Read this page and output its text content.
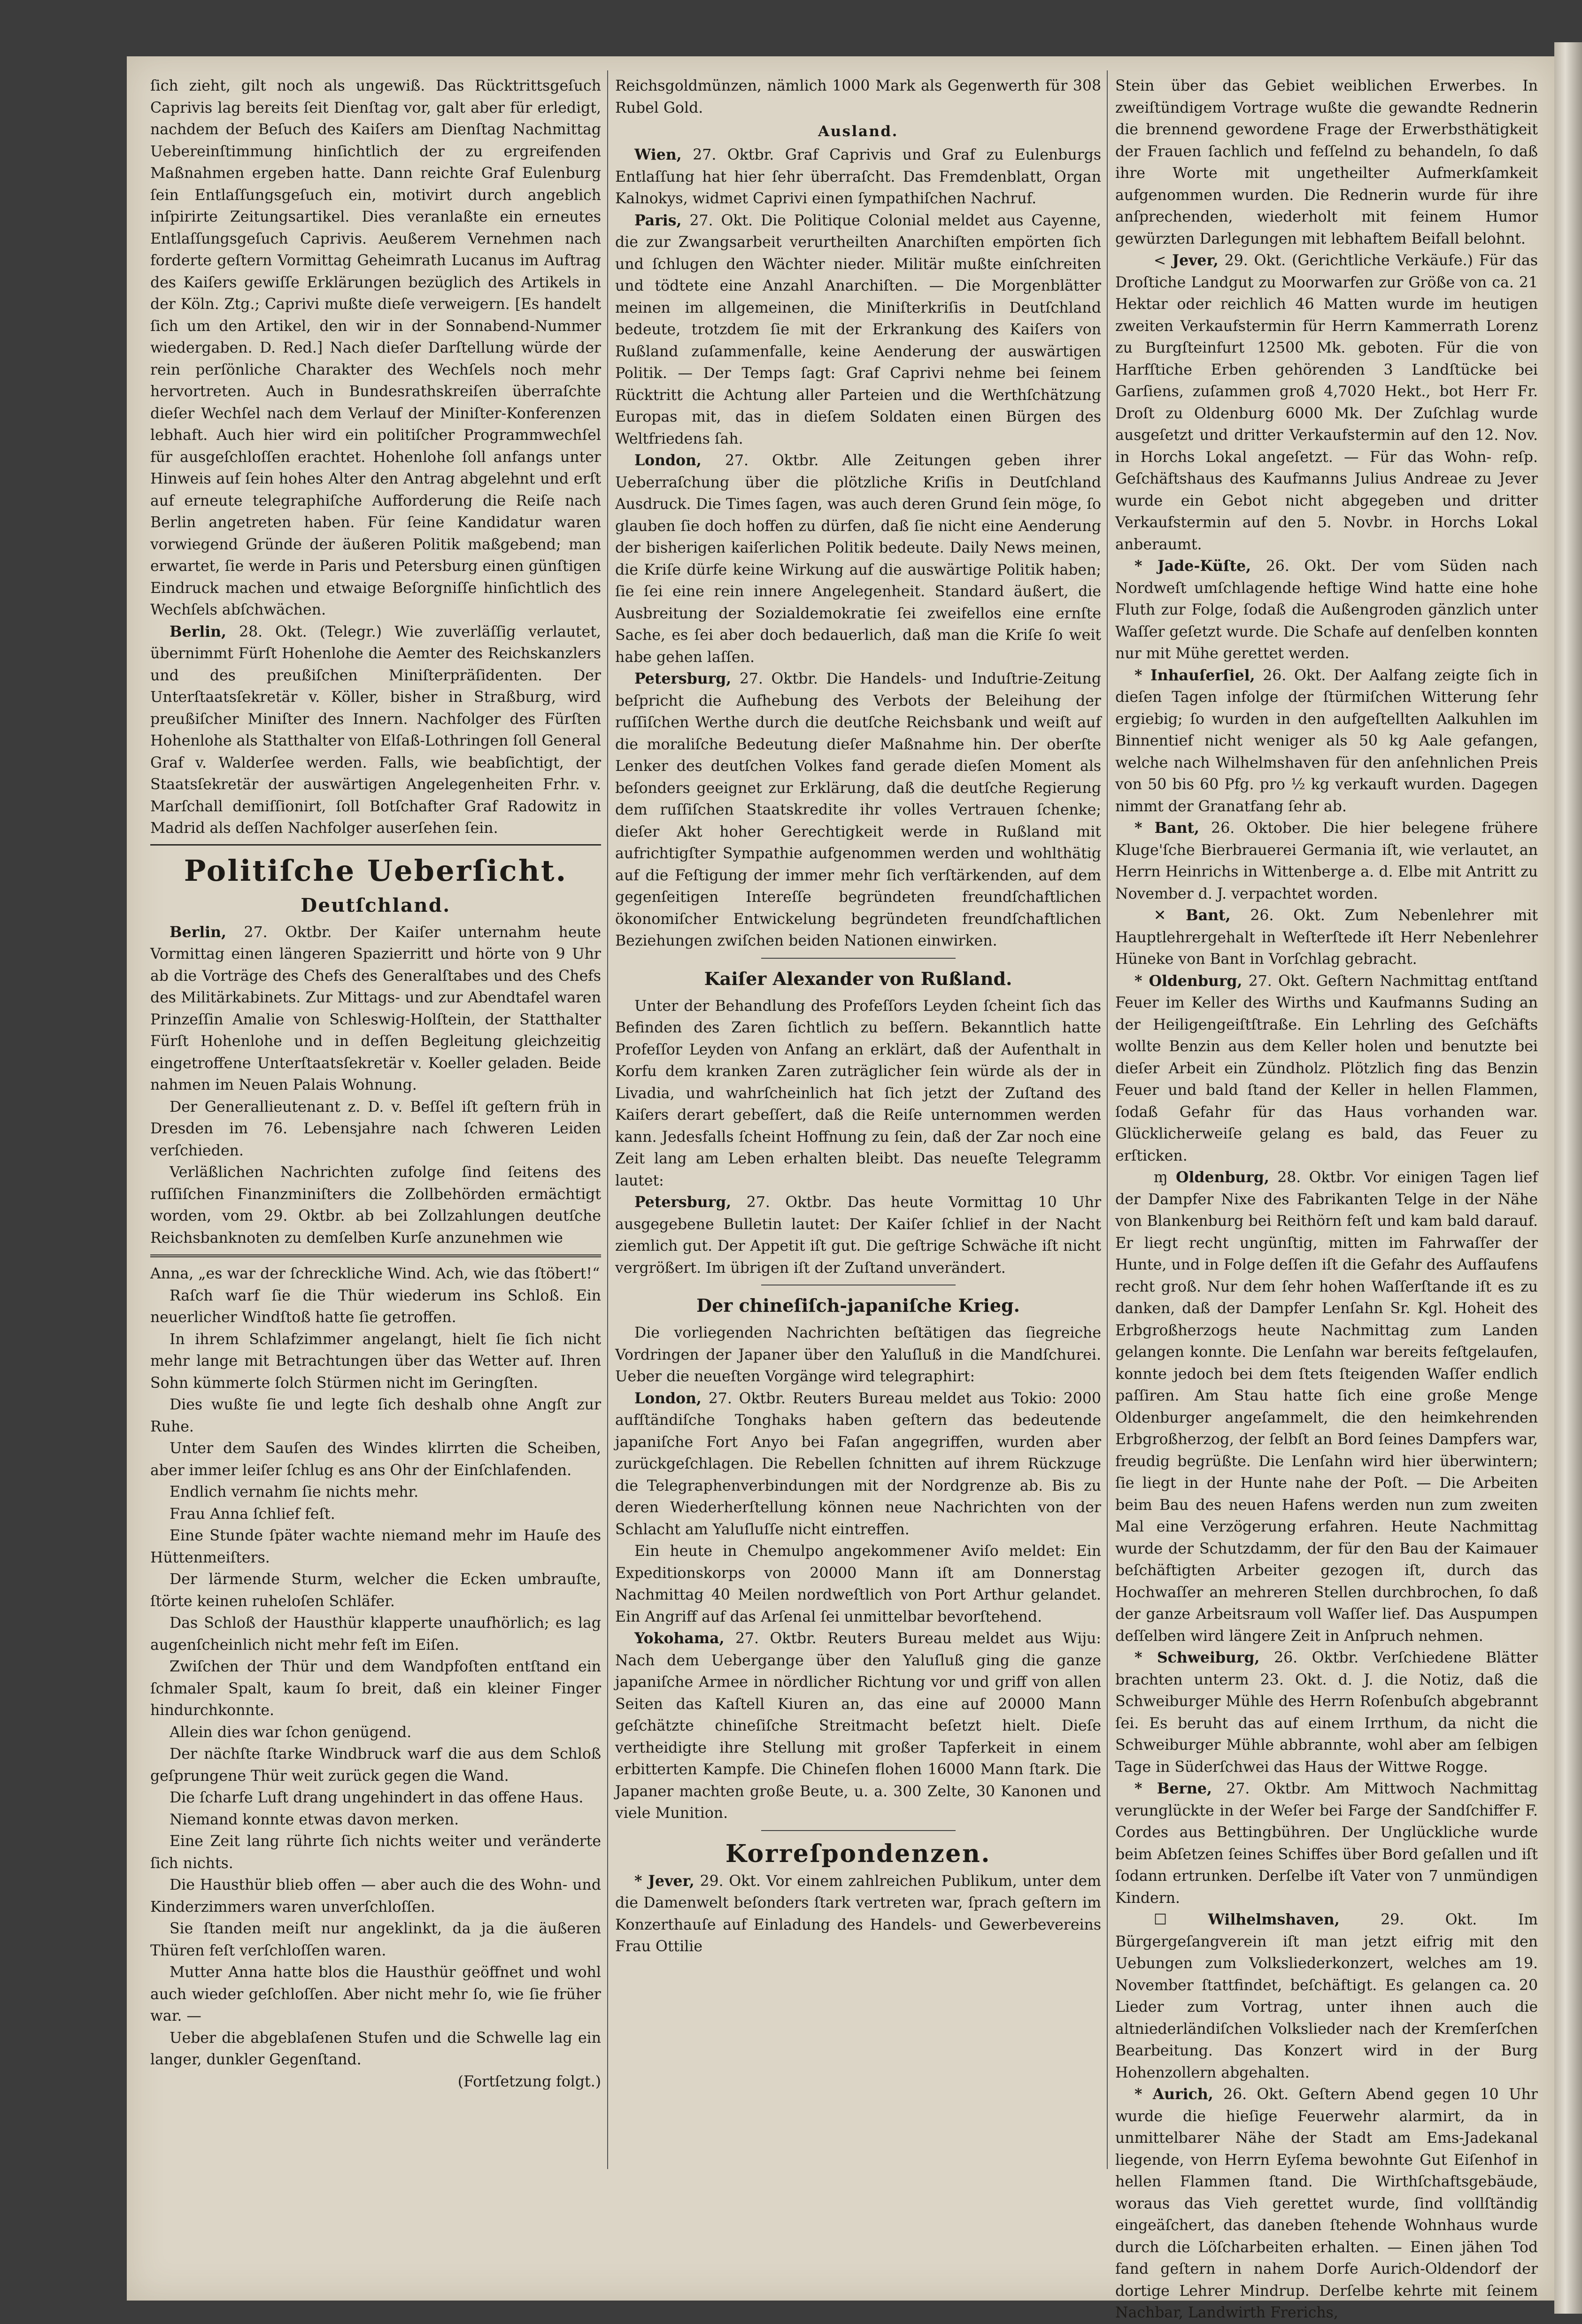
ſich zieht, gilt noch als ungewiß. Das Rücktrittsgeſuch Caprivis lag bereits ſeit Dienſtag vor, galt aber für erledigt, nachdem der Beſuch des Kaiſers am Dienſtag Nachmittag Uebereinſtimmung hinſichtlich der zu ergreifenden Maßnahmen ergeben hatte. Dann reichte Graf Eulenburg ſein Entlaſſungsgeſuch ein, motivirt durch angeblich inſpirirte Zeitungsartikel. Dies veranlaßte ein erneutes Entlaſſungsgeſuch Caprivis. Aeußerem Vernehmen nach forderte geſtern Vormittag Geheimrath Lucanus im Auftrag des Kaiſers gewiſſe Erklärungen bezüglich des Artikels in der Köln. Ztg.; Caprivi mußte dieſe verweigern. [Es handelt ſich um den Artikel, den wir in der Sonnabend-Nummer wiedergaben. D. Red.] Nach dieſer Darſtellung würde der rein perſönliche Charakter des Wechſels noch mehr hervortreten. Auch in Bundesrathskreiſen überraſchte dieſer Wechſel nach dem Verlauf der Miniſter-Konferenzen lebhaft. Auch hier wird ein politiſcher Programmwechſel für ausgeſchloſſen erachtet. Hohenlohe ſoll anfangs unter Hinweis auf ſein hohes Alter den Antrag abgelehnt und erſt auf erneute telegraphiſche Aufforderung die Reiſe nach Berlin angetreten haben. Für ſeine Kandidatur waren vorwiegend Gründe der äußeren Politik maßgebend; man erwartet, ſie werde in Paris und Petersburg einen günſtigen Eindruck machen und etwaige Beſorgniſſe hinſichtlich des Wechſels abſchwächen.

Berlin, 28. Okt. (Telegr.) Wie zuverläſſig verlautet, übernimmt Fürſt Hohenlohe die Aemter des Reichskanzlers und des preußiſchen Miniſterpräſidenten. Der Unterſtaatsſekretär v. Köller, bisher in Straßburg, wird preußiſcher Miniſter des Innern. Nachfolger des Fürſten Hohenlohe als Statthalter von Elſaß-Lothringen ſoll General Graf v. Walderſee werden. Falls, wie beabſichtigt, der Staatsſekretär der auswärtigen Angelegenheiten Frhr. v. Marſchall demiſſionirt, ſoll Botſchafter Graf Radowitz in Madrid als deſſen Nachfolger auserſehen ſein.

Politiſche Ueberſicht.
Deutſchland.

Berlin, 27. Oktbr. Der Kaiſer unternahm heute Vormittag einen längeren Spazierritt und hörte von 9 Uhr ab die Vorträge des Chefs des Generalſtabes und des Chefs des Militärkabinets. Zur Mittags- und zur Abendtafel waren Prinzeſſin Amalie von Schleswig-Holſtein, der Statthalter Fürſt Hohenlohe und in deſſen Begleitung gleichzeitig eingetroffene Unterſtaatsſekretär v. Koeller geladen. Beide nahmen im Neuen Palais Wohnung.

Der Generallieutenant z. D. v. Beſſel iſt geſtern früh in Dresden im 76. Lebensjahre nach ſchweren Leiden verſchieden.

Verläßlichen Nachrichten zufolge ſind ſeitens des ruſſiſchen Finanzminiſters die Zollbehörden ermächtigt worden, vom 29. Oktbr. ab bei Zollzahlungen deutſche Reichsbanknoten zu demſelben Kurſe anzunehmen wie

Anna, „es war der ſchreckliche Wind. Ach, wie das ſtöbert!“

Raſch warf ſie die Thür wiederum ins Schloß. Ein neuerlicher Windſtoß hatte ſie getroffen.

In ihrem Schlafzimmer angelangt, hielt ſie ſich nicht mehr lange mit Betrachtungen über das Wetter auf. Ihren Sohn kümmerte ſolch Stürmen nicht im Geringſten.

Dies wußte ſie und legte ſich deshalb ohne Angſt zur Ruhe.

Unter dem Sauſen des Windes klirrten die Scheiben, aber immer leiſer ſchlug es ans Ohr der Einſchlafenden.

Endlich vernahm ſie nichts mehr.

Frau Anna ſchlief feſt.

Eine Stunde ſpäter wachte niemand mehr im Hauſe des Hüttenmeiſters.

Der lärmende Sturm, welcher die Ecken umbrauſte, ſtörte keinen ruheloſen Schläfer.

Das Schloß der Hausthür klapperte unaufhörlich; es lag augenſcheinlich nicht mehr feſt im Eiſen.

Zwiſchen der Thür und dem Wandpfoſten entſtand ein ſchmaler Spalt, kaum ſo breit, daß ein kleiner Finger hindurchkonnte.

Allein dies war ſchon genügend.

Der nächſte ſtarke Windbruck warf die aus dem Schloß geſprungene Thür weit zurück gegen die Wand.

Die ſcharfe Luft drang ungehindert in das offene Haus.

Niemand konnte etwas davon merken.

Eine Zeit lang rührte ſich nichts weiter und veränderte ſich nichts.

Die Hausthür blieb offen — aber auch die des Wohn- und Kinderzimmers waren unverſchloſſen.

Sie ſtanden meiſt nur angeklinkt, da ja die äußeren Thüren feſt verſchloſſen waren.

Mutter Anna hatte blos die Hausthür geöffnet und wohl auch wieder geſchloſſen. Aber nicht mehr ſo, wie ſie früher war. —

Ueber die abgeblaſenen Stufen und die Schwelle lag ein langer, dunkler Gegenſtand.

(Fortſetzung folgt.)

Reichsgoldmünzen, nämlich 1000 Mark als Gegenwerth für 308 Rubel Gold.

Ausland.

Wien, 27. Oktbr. Graf Caprivis und Graf zu Eulenburgs Entlaſſung hat hier ſehr überraſcht. Das Fremdenblatt, Organ Kalnokys, widmet Caprivi einen ſympathiſchen Nachruf.

Paris, 27. Okt. Die Politique Colonial meldet aus Cayenne, die zur Zwangsarbeit verurtheilten Anarchiſten empörten ſich und ſchlugen den Wächter nieder. Militär mußte einſchreiten und tödtete eine Anzahl Anarchiſten. — Die Morgenblätter meinen im allgemeinen, die Miniſterkriſis in Deutſchland bedeute, trotzdem ſie mit der Erkrankung des Kaiſers von Rußland zuſammenfalle, keine Aenderung der auswärtigen Politik. — Der Temps ſagt: Graf Caprivi nehme bei ſeinem Rücktritt die Achtung aller Parteien und die Werthſchätzung Europas mit, das in dieſem Soldaten einen Bürgen des Weltfriedens ſah.

London, 27. Oktbr. Alle Zeitungen geben ihrer Ueberraſchung über die plötzliche Kriſis in Deutſchland Ausdruck. Die Times ſagen, was auch deren Grund ſein möge, ſo glauben ſie doch hoffen zu dürfen, daß ſie nicht eine Aenderung der bisherigen kaiſerlichen Politik bedeute. Daily News meinen, die Kriſe dürfe keine Wirkung auf die auswärtige Politik haben; ſie ſei eine rein innere Angelegenheit. Standard äußert, die Ausbreitung der Sozialdemokratie ſei zweifellos eine ernſte Sache, es ſei aber doch bedauerlich, daß man die Kriſe ſo weit habe gehen laſſen.

Petersburg, 27. Oktbr. Die Handels- und Induſtrie-Zeitung beſpricht die Aufhebung des Verbots der Beleihung der ruſſiſchen Werthe durch die deutſche Reichsbank und weiſt auf die moraliſche Bedeutung dieſer Maßnahme hin. Der oberſte Lenker des deutſchen Volkes fand gerade dieſen Moment als beſonders geeignet zur Erklärung, daß die deutſche Regierung dem ruſſiſchen Staatskredite ihr volles Vertrauen ſchenke; dieſer Akt hoher Gerechtigkeit werde in Rußland mit aufrichtigſter Sympathie aufgenommen werden und wohlthätig auf die Feſtigung der immer mehr ſich verſtärkenden, auf dem gegenſeitigen Intereſſe begründeten freundſchaftlichen ökonomiſcher Entwickelung begründeten freundſchaftlichen Beziehungen zwiſchen beiden Nationen einwirken.

Kaiſer Alexander von Rußland.

Unter der Behandlung des Profeſſors Leyden ſcheint ſich das Befinden des Zaren ſichtlich zu beſſern. Bekanntlich hatte Profeſſor Leyden von Anfang an erklärt, daß der Aufenthalt in Korfu dem kranken Zaren zuträglicher ſein würde als der in Livadia, und wahrſcheinlich hat ſich jetzt der Zuſtand des Kaiſers derart gebeſſert, daß die Reiſe unternommen werden kann. Jedesfalls ſcheint Hoffnung zu ſein, daß der Zar noch eine Zeit lang am Leben erhalten bleibt. Das neueſte Telegramm lautet:

Petersburg, 27. Oktbr. Das heute Vormittag 10 Uhr ausgegebene Bulletin lautet: Der Kaiſer ſchlief in der Nacht ziemlich gut. Der Appetit iſt gut. Die geſtrige Schwäche iſt nicht vergrößert. Im übrigen iſt der Zuſtand unverändert.

Der chineſiſch-japaniſche Krieg.

Die vorliegenden Nachrichten beſtätigen das ſiegreiche Vordringen der Japaner über den Yaluſluß in die Mandſchurei. Ueber die neueſten Vorgänge wird telegraphirt:

London, 27. Oktbr. Reuters Bureau meldet aus Tokio: 2000 aufſtändiſche Tonghaks haben geſtern das bedeutende japaniſche Fort Anyo bei Faſan angegriffen, wurden aber zurückgeſchlagen. Die Rebellen ſchnitten auf ihrem Rückzuge die Telegraphenverbindungen mit der Nordgrenze ab. Bis zu deren Wiederherſtellung können neue Nachrichten von der Schlacht am Yaluſluſſe nicht eintreffen.

Ein heute in Chemulpo angekommener Aviſo meldet: Ein Expeditionskorps von 20000 Mann iſt am Donnerstag Nachmittag 40 Meilen nordweſtlich von Port Arthur gelandet. Ein Angriff auf das Arſenal ſei unmittelbar bevorſtehend.

Yokohama, 27. Oktbr. Reuters Bureau meldet aus Wiju: Nach dem Uebergange über den Yaluſluß ging die ganze japaniſche Armee in nördlicher Richtung vor und griff von allen Seiten das Kaſtell Kiuren an, das eine auf 20000 Mann geſchätzte chineſiſche Streitmacht beſetzt hielt. Dieſe vertheidigte ihre Stellung mit großer Tapferkeit in einem erbitterten Kampfe. Die Chineſen flohen 16000 Mann ſtark. Die Japaner machten große Beute, u. a. 300 Zelte, 30 Kanonen und viele Munition.

Korreſpondenzen.

* Jever, 29. Okt. Vor einem zahlreichen Publikum, unter dem die Damenwelt beſonders ſtark vertreten war, ſprach geſtern im Konzerthauſe auf Einladung des Handels- und Gewerbevereins Frau Ottilie

Stein über das Gebiet weiblichen Erwerbes. In zweiſtündigem Vortrage wußte die gewandte Rednerin die brennend gewordene Frage der Erwerbsthätigkeit der Frauen ſachlich und feſſelnd zu behandeln, ſo daß ihre Worte mit ungetheilter Aufmerkſamkeit aufgenommen wurden. Die Rednerin wurde für ihre anſprechenden, wiederholt mit feinem Humor gewürzten Darlegungen mit lebhaftem Beifall belohnt.

< Jever, 29. Okt. (Gerichtliche Verkäufe.) Für das Droſtiche Landgut zu Moorwarfen zur Größe von ca. 21 Hektar oder reichlich 46 Matten wurde im heutigen zweiten Verkaufstermin für Herrn Kammerrath Lorenz zu Burgſteinfurt 12500 Mk. geboten. Für die von Harfſtiche Erben gehörenden 3 Landſtücke bei Garſiens, zuſammen groß 4,7020 Hekt., bot Herr Fr. Droſt zu Oldenburg 6000 Mk. Der Zuſchlag wurde ausgeſetzt und dritter Verkaufstermin auf den 12. Nov. in Horchs Lokal angeſetzt. — Für das Wohn- reſp. Geſchäftshaus des Kaufmanns Julius Andreae zu Jever wurde ein Gebot nicht abgegeben und dritter Verkaufstermin auf den 5. Novbr. in Horchs Lokal anberaumt.

* Jade-Küſte, 26. Okt. Der vom Süden nach Nordweſt umſchlagende heftige Wind hatte eine hohe Fluth zur Folge, ſodaß die Außengroden gänzlich unter Waſſer geſetzt wurde. Die Schafe auf denſelben konnten nur mit Mühe gerettet werden.

* Inhauſerſiel, 26. Okt. Der Aalfang zeigte ſich in dieſen Tagen infolge der ſtürmiſchen Witterung ſehr ergiebig; ſo wurden in den aufgeſtellten Aalkuhlen im Binnentief nicht weniger als 50 kg Aale gefangen, welche nach Wilhelmshaven für den anſehnlichen Preis von 50 bis 60 Pfg. pro ½ kg verkauft wurden. Dagegen nimmt der Granatfang ſehr ab.

* Bant, 26. Oktober. Die hier belegene frühere Kluge'ſche Bierbrauerei Germania iſt, wie verlautet, an Herrn Heinrichs in Wittenberge a. d. Elbe mit Antritt zu November d. J. verpachtet worden.

✕ Bant, 26. Okt. Zum Nebenlehrer mit Hauptlehrergehalt in Weſterſtede iſt Herr Nebenlehrer Hüneke von Bant in Vorſchlag gebracht.

* Oldenburg, 27. Okt. Geſtern Nachmittag entſtand Feuer im Keller des Wirths und Kaufmanns Suding an der Heiligengeiſtſtraße. Ein Lehrling des Geſchäfts wollte Benzin aus dem Keller holen und benutzte bei dieſer Arbeit ein Zündholz. Plötzlich fing das Benzin Feuer und bald ſtand der Keller in hellen Flammen, ſodaß Gefahr für das Haus vorhanden war. Glücklicherweiſe gelang es bald, das Feuer zu erſticken.

ɱ Oldenburg, 28. Oktbr. Vor einigen Tagen lief der Dampfer Nixe des Fabrikanten Telge in der Nähe von Blankenburg bei Reithörn feſt und kam bald darauf. Er liegt recht ungünſtig, mitten im Fahrwaſſer der Hunte, und in Folge deſſen iſt die Gefahr des Aufſaufens recht groß. Nur dem ſehr hohen Waſſerſtande iſt es zu danken, daß der Dampfer Lenſahn Sr. Kgl. Hoheit des Erbgroßherzogs heute Nachmittag zum Landen gelangen konnte. Die Lenſahn war bereits feſtgelaufen, konnte jedoch bei dem ſtets ſteigenden Waſſer endlich paſſiren. Am Stau hatte ſich eine große Menge Oldenburger angeſammelt, die den heimkehrenden Erbgroßherzog, der ſelbſt an Bord ſeines Dampfers war, freudig begrüßte. Die Lenſahn wird hier überwintern; ſie liegt in der Hunte nahe der Poſt. — Die Arbeiten beim Bau des neuen Hafens werden nun zum zweiten Mal eine Verzögerung erfahren. Heute Nachmittag wurde der Schutzdamm, der für den Bau der Kaimauer beſchäftigten Arbeiter gezogen iſt, durch das Hochwaſſer an mehreren Stellen durchbrochen, ſo daß der ganze Arbeitsraum voll Waſſer lief. Das Auspumpen deſſelben wird längere Zeit in Anſpruch nehmen.

* Schweiburg, 26. Oktbr. Verſchiedene Blätter brachten unterm 23. Okt. d. J. die Notiz, daß die Schweiburger Mühle des Herrn Roſenbuſch abgebrannt ſei. Es beruht das auf einem Irrthum, da nicht die Schweiburger Mühle abbrannte, wohl aber am ſelbigen Tage in Süderſchwei das Haus der Wittwe Rogge.

* Berne, 27. Oktbr. Am Mittwoch Nachmittag verunglückte in der Weſer bei Farge der Sandſchiffer F. Cordes aus Bettingbühren. Der Unglückliche wurde beim Abſetzen ſeines Schiffes über Bord geſallen und iſt ſodann ertrunken. Derſelbe iſt Vater von 7 unmündigen Kindern.

☐	Wilhelmshaven,	29. Okt. Im Bürgergeſangverein iſt man jetzt eifrig mit den Uebungen zum Volksliederkonzert, welches am 19. November ſtattfindet, beſchäftigt. Es gelangen ca. 20 Lieder zum Vortrag, unter ihnen auch die altniederländiſchen Volkslieder nach der Kremſerſchen Bearbeitung. Das Konzert wird in der Burg Hohenzollern abgehalten.

* Aurich, 26. Okt. Geſtern Abend gegen 10 Uhr wurde die hieſige Feuerwehr alarmirt, da in unmittelbarer Nähe der Stadt am Ems-Jadekanal liegende, von Herrn Eyſema bewohnte Gut Eiſenhof in hellen Flammen ſtand. Die Wirthſchaftsgebäude, woraus das Vieh gerettet wurde, ſind vollſtändig eingeäſchert, das daneben ſtehende Wohnhaus wurde durch die Löſcharbeiten erhalten. — Einen jähen Tod fand geſtern in nahem Dorfe Aurich-Oldendorf der dortige Lehrer Mindrup. Derſelbe kehrte mit ſeinem Nachbar, Landwirth Frerichs,
